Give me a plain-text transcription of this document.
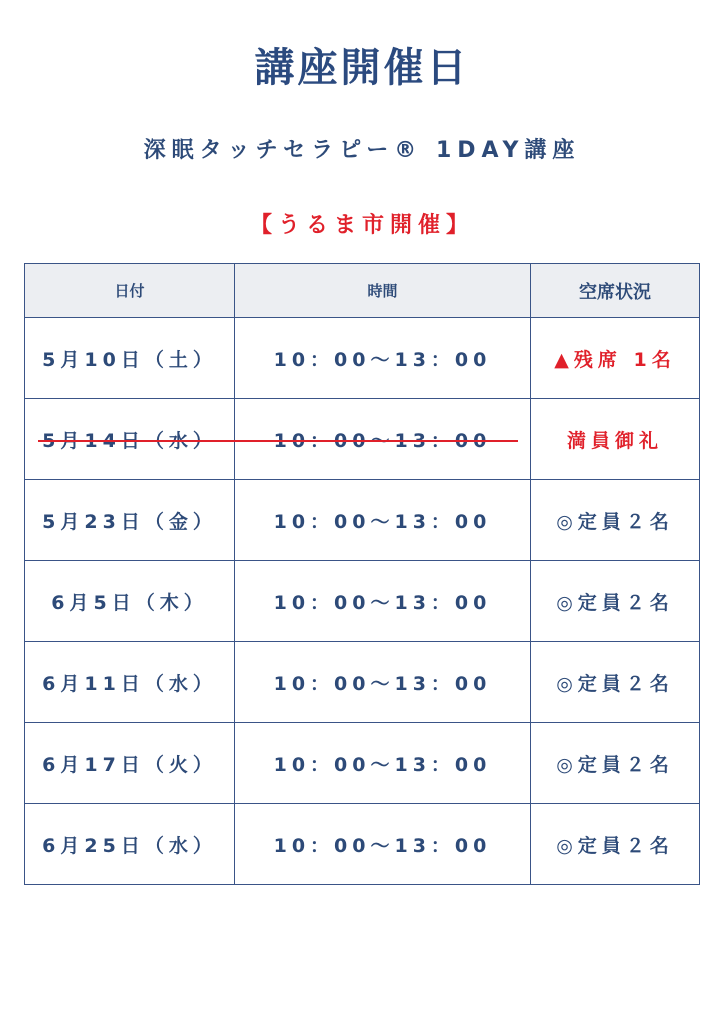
講座開催日
深眠タッチセラピー® 1DAY講座
【うるま市開催】
日付	時間	空席状況
5月10日（土）	10：00〜13：00	▲残席 1名
5月14日（水）	10：00〜13：00	満員御礼
5月23日（金）	10：00〜13：00	◎定員２名
6月5日（木）	10：00〜13：00	◎定員２名
6月11日（水）	10：00〜13：00	◎定員２名
6月17日（火）	10：00〜13：00	◎定員２名
6月25日（水）	10：00〜13：00	◎定員２名
